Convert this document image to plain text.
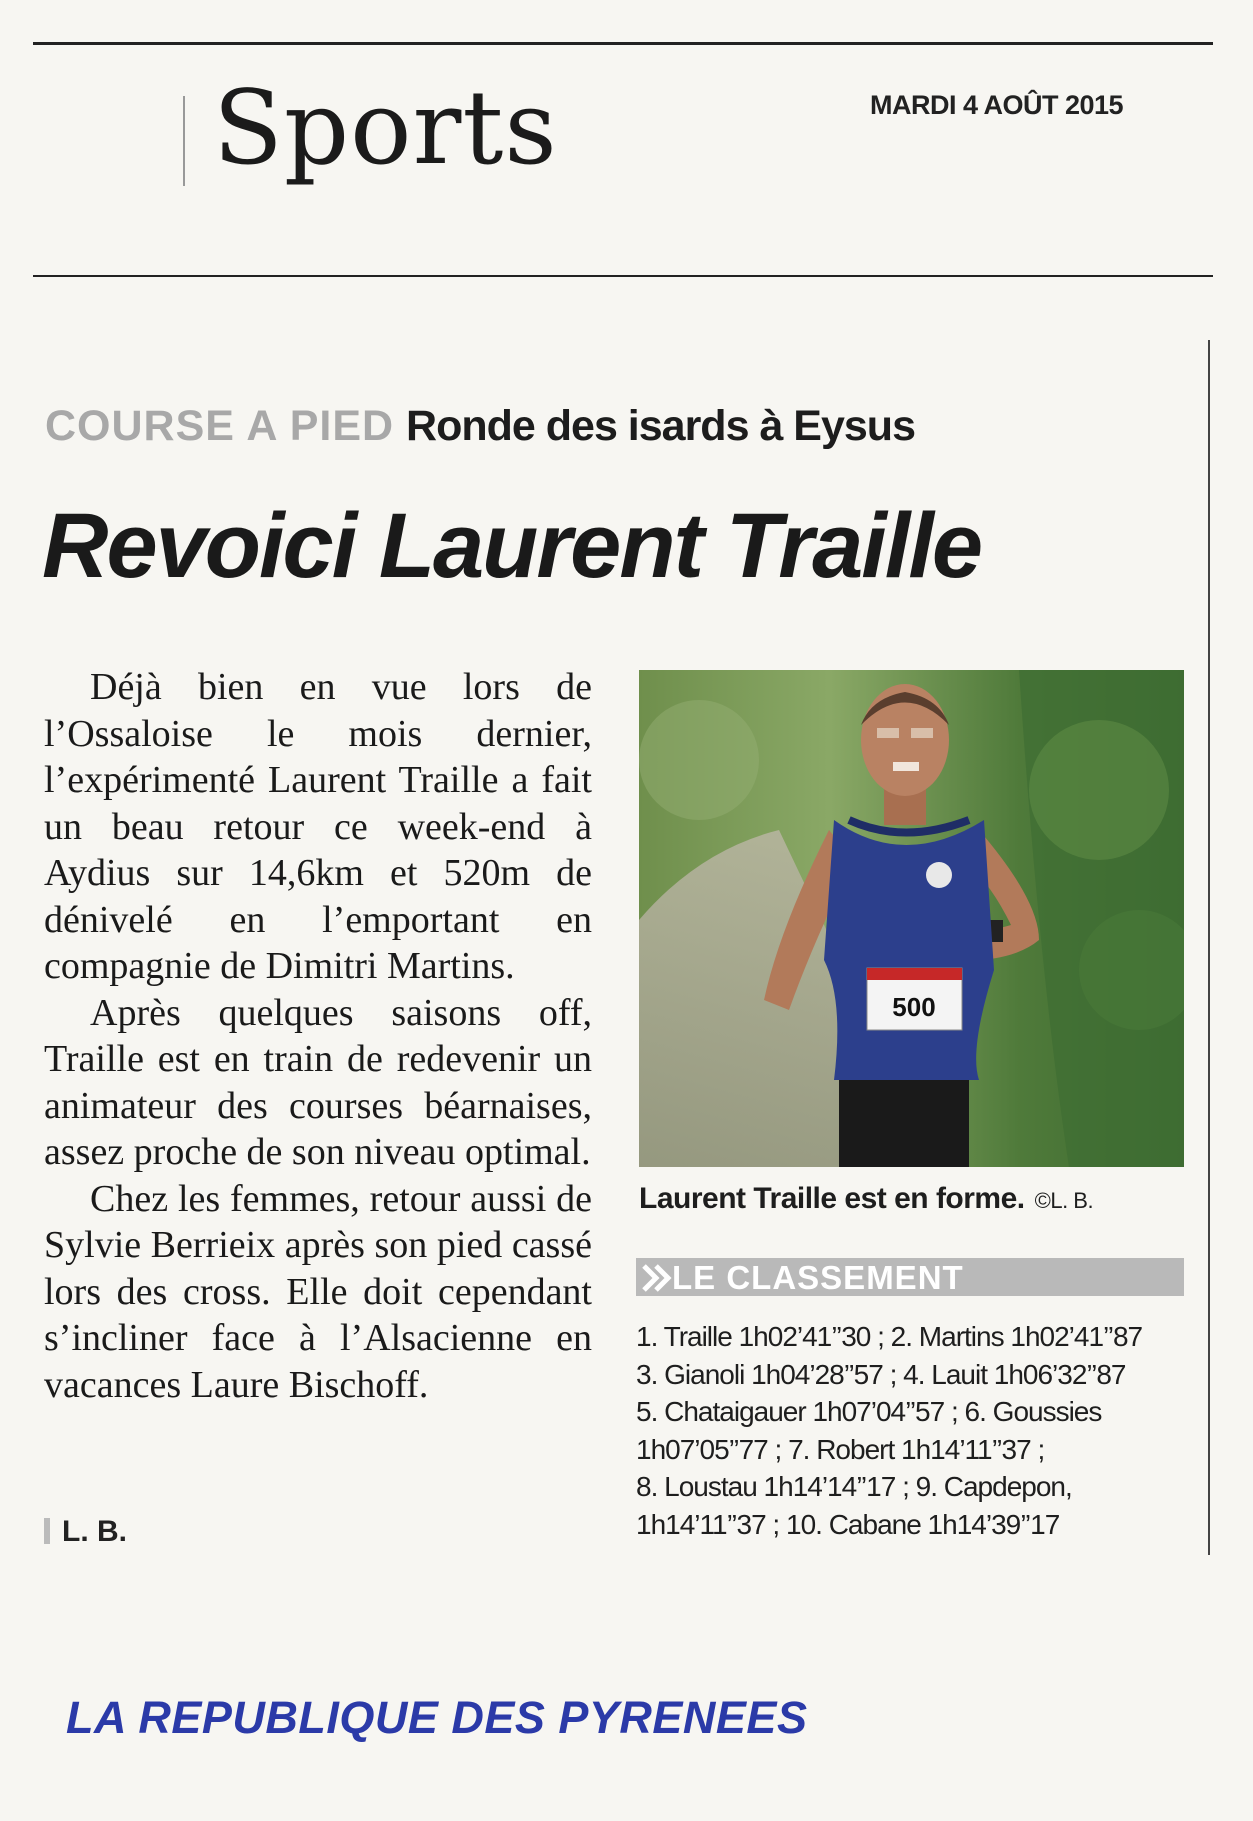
Sports	MARDI 4 AOÛT 2015
COURSE A PIED Ronde des isards à Eysus
Revoici Laurent Traille

Déjà bien en vue lors de l’Ossaloise le mois dernier, l’expérimenté Laurent Traille a fait un beau retour ce week-end à Aydius sur 14,6km et 520m de dénivelé en l’emportant en compagnie de Dimitri Martins.

Après quelques saisons off, Traille est en train de redevenir un animateur des courses béarnaises, assez proche de son niveau optimal.

Chez les femmes, retour aussi de Sylvie Berrieix après son pied cassé lors des cross. Elle doit cependant s’incliner face à l’Alsacienne en vacances Laure Bischoff.

L. B.
500
Laurent Traille est en forme. ©L. B.
LE CLASSEMENT
1. Traille 1h02’41’’30 ; 2. Martins 1h02’41’’87
3. Gianoli 1h04’28’’57 ; 4. Lauit 1h06’32’’87
5. Chataigauer 1h07’04’’57 ; 6. Goussies
1h07’05’’77 ; 7. Robert 1h14’11’’37 ;
8. Loustau 1h14’14’’17 ; 9. Capdepon,
1h14’11’’37 ; 10. Cabane 1h14’39’’17
LA REPUBLIQUE DES PYRENEES
